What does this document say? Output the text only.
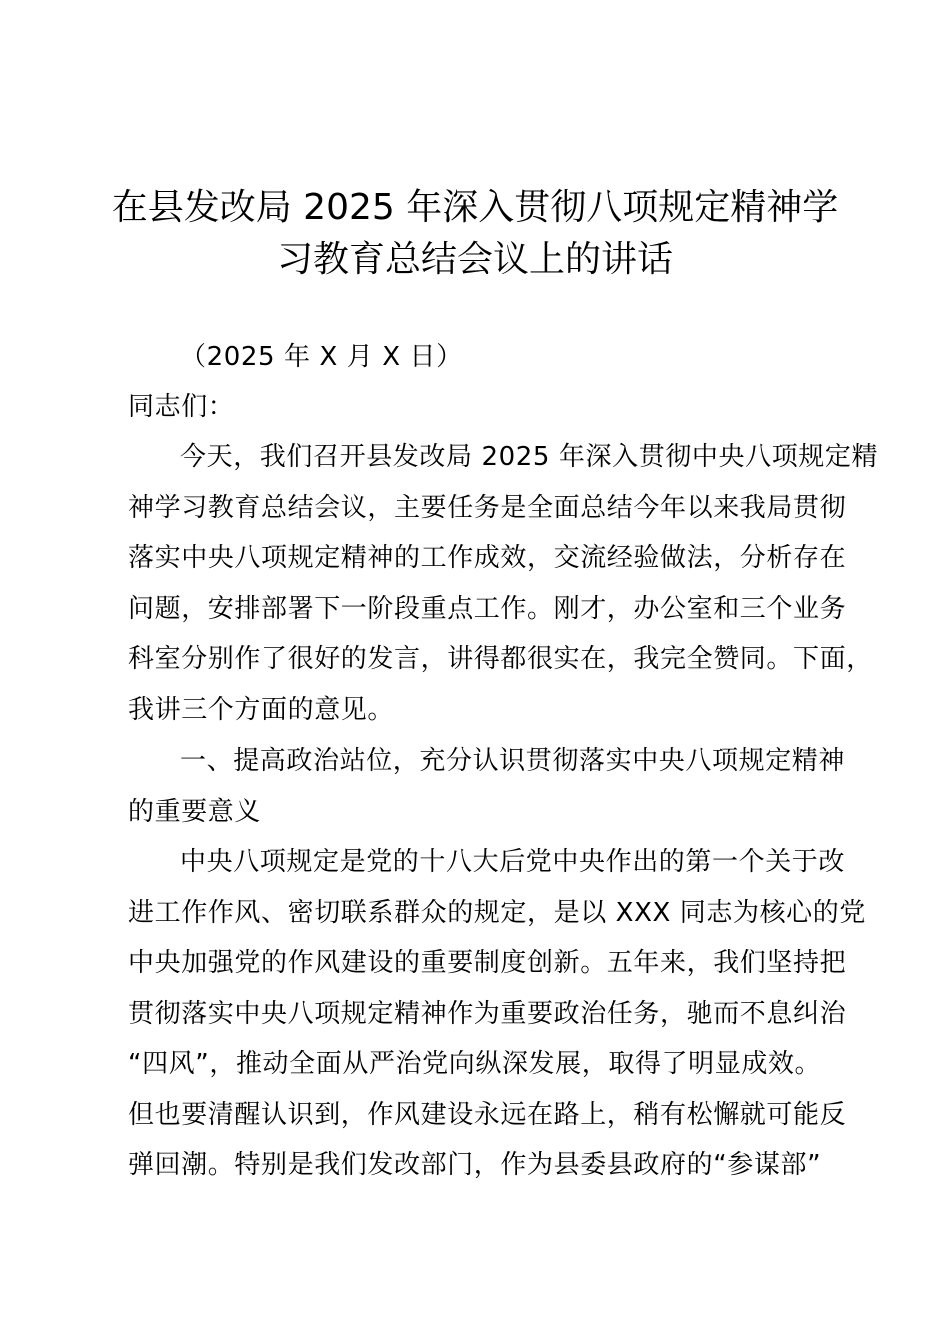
在县发改局 2025 年深入贯彻八项规定精神学
习教育总结会议上的讲话
（2025 年 X 月 X 日）
同志们：
今天，我们召开县发改局 2025 年深入贯彻中央八项规定精
神学习教育总结会议，主要任务是全面总结今年以来我局贯彻
落实中央八项规定精神的工作成效，交流经验做法，分析存在
问题，安排部署下一阶段重点工作。刚才，办公室和三个业务
科室分别作了很好的发言，讲得都很实在，我完全赞同。下面，
我讲三个方面的意见。
一、提高政治站位，充分认识贯彻落实中央八项规定精神
的重要意义
中央八项规定是党的十八大后党中央作出的第一个关于改
进工作作风、密切联系群众的规定，是以 XXX 同志为核心的党
中央加强党的作风建设的重要制度创新。五年来，我们坚持把
贯彻落实中央八项规定精神作为重要政治任务，驰而不息纠治
“四风”，推动全面从严治党向纵深发展，取得了明显成效。
但也要清醒认识到，作风建设永远在路上，稍有松懈就可能反
弹回潮。特别是我们发改部门，作为县委县政府的“参谋部”
